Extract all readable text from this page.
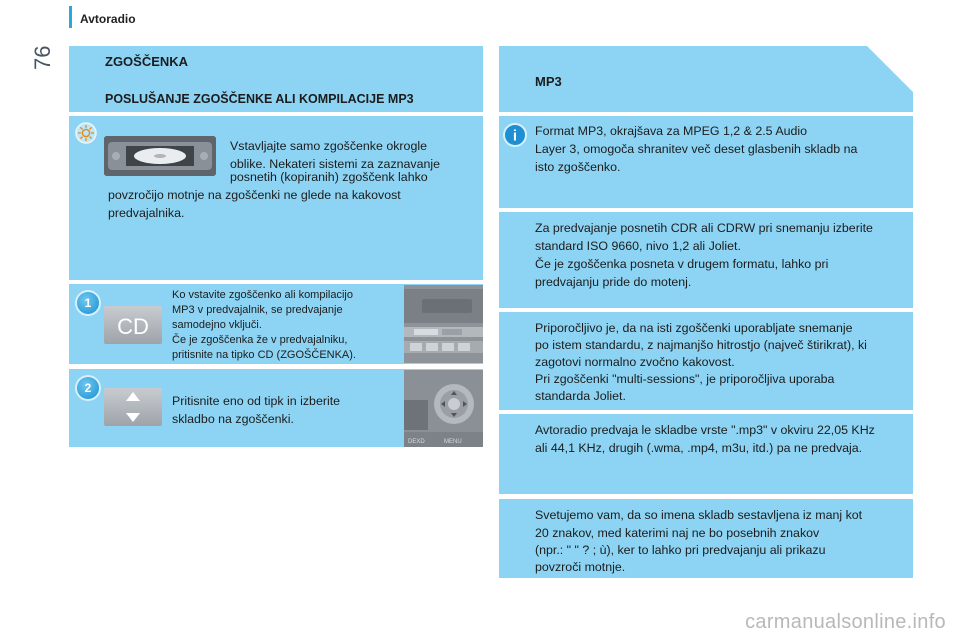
76
Avtoradio
ZGOŠČENKA
POSLUŠANJE ZGOŠČENKE ALI KOMPILACIJE MP3
Vstavljajte samo zgoščenke okrogle
oblike. Nekateri sistemi za zaznavanje
posnetih (kopiranih) zgoščenk lahko
povzročijo motnje na zgoščenki ne glede na kakovost
predvajalnika.
1
CD
Ko vstavite zgoščenko ali kompilacijo
MP3 v predvajalnik, se predvajanje
samodejno vključi.
Če je zgoščenka že v predvajalniku,
pritisnite na tipko CD (ZGOŠČENKA).
2
Pritisnite eno od tipk in izberite
skladbo na zgoščenki.
DEXD	MENU
MP3
i Format MP3, okrajšava za MPEG 1,2 & 2.5 Audio
Layer 3, omogoča shranitev več deset glasbenih skladb na
isto zgoščenko.
Za predvajanje posnetih CDR ali CDRW pri snemanju izberite
standard ISO 9660, nivo 1,2 ali Joliet.
Če je zgoščenka posneta v drugem formatu, lahko pri
predvajanju pride do motenj.
Priporočljivo je, da na isti zgoščenki uporabljate snemanje
po istem standardu, z najmanjšo hitrostjo (največ štirikrat), ki
zagotovi normalno zvočno kakovost.
Pri zgoščenki "multi-sessions", je priporočljiva uporaba
standarda Joliet.
Avtoradio predvaja le skladbe vrste ".mp3" v okviru 22,05 KHz
ali 44,1 KHz, drugih (.wma, .mp4, m3u, itd.) pa ne predvaja.
Svetujemo vam, da so imena skladb sestavljena iz manj kot
20 znakov, med katerimi naj ne bo posebnih znakov
(npr.: " " ? ; ù), ker to lahko pri predvajanju ali prikazu
povzroči motnje.
carmanualsonline.info
